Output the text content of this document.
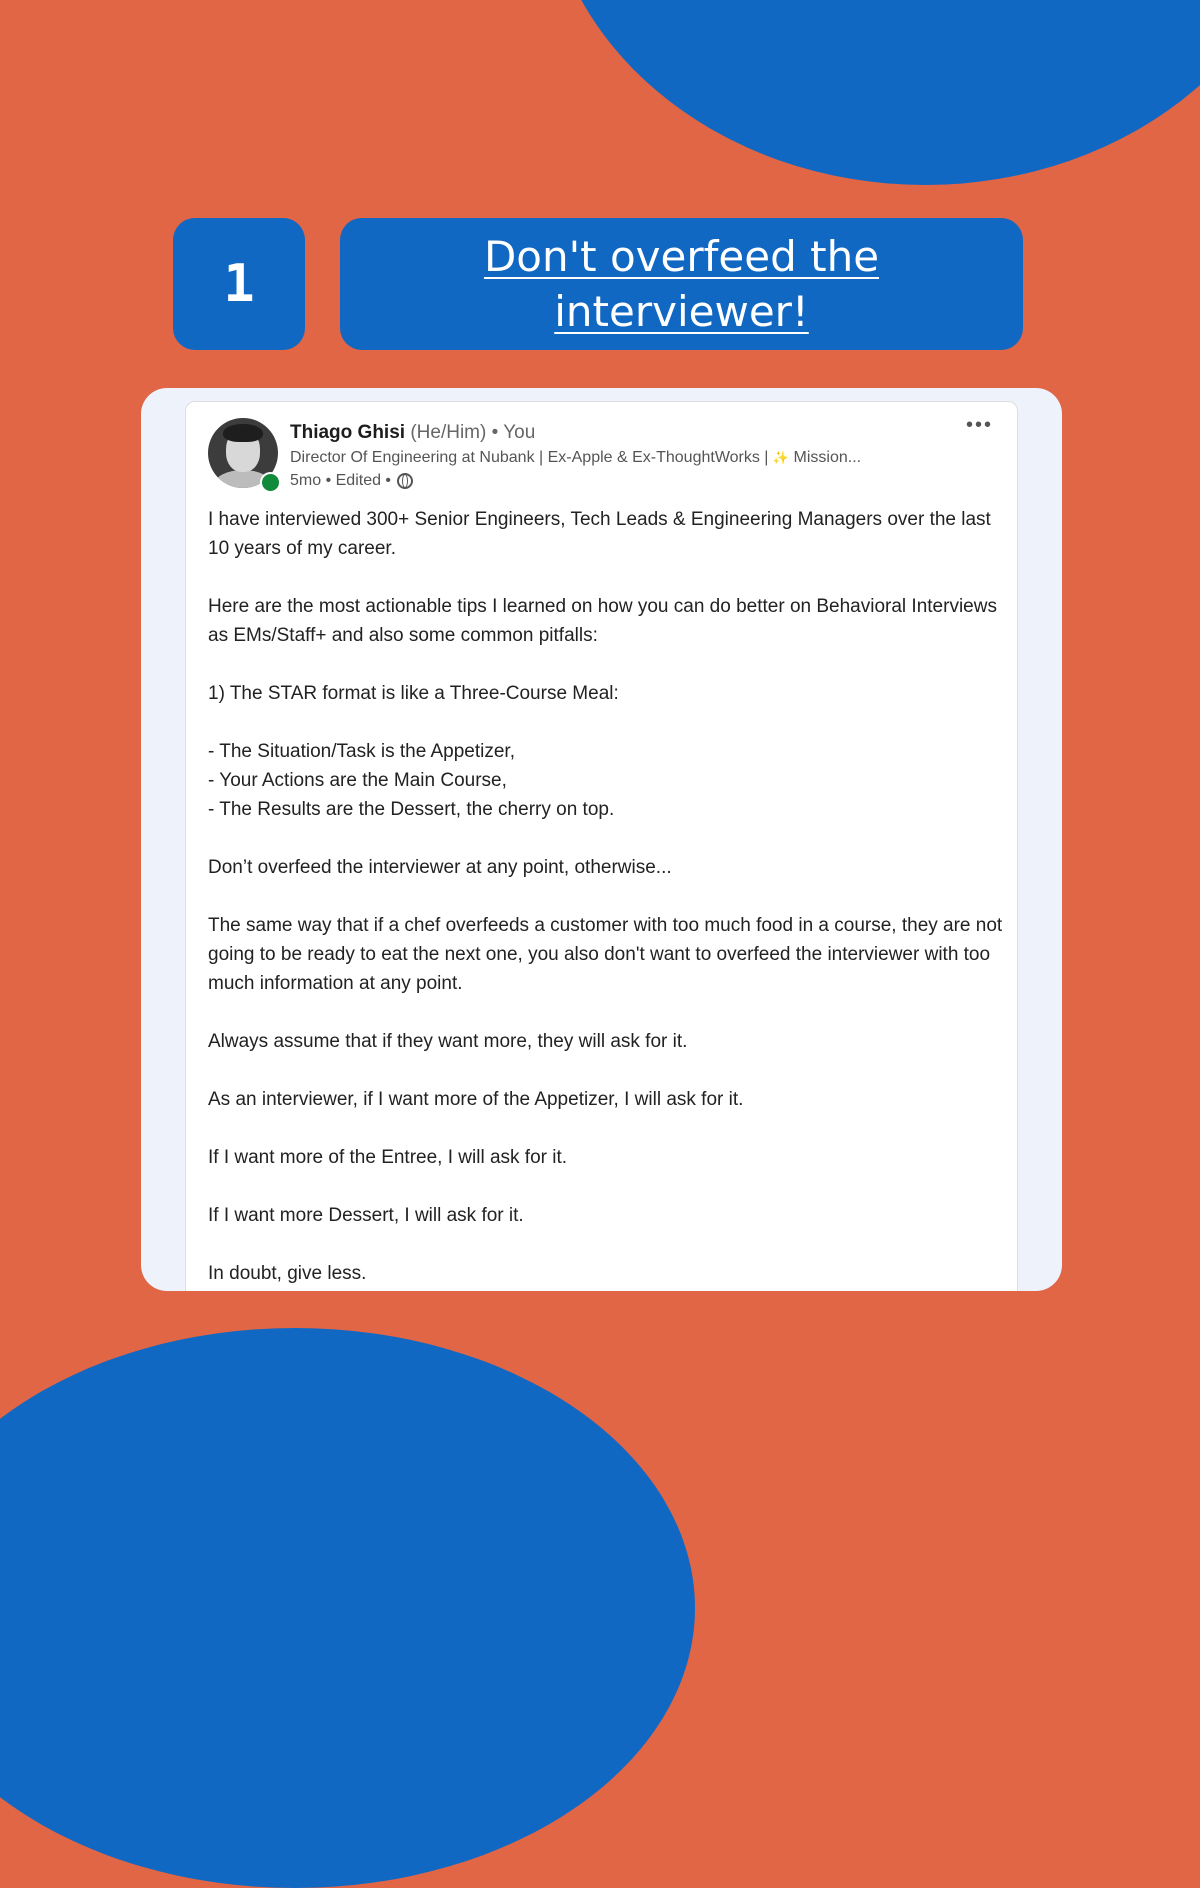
1	Don't overfeed the interviewer!
Thiago Ghisi (He/Him) • You
Director Of Engineering at Nubank | Ex-Apple & Ex-ThoughtWorks | ✨ Mission...
5mo • Edited •
•••

I have interviewed 300+ Senior Engineers, Tech Leads & Engineering Managers over the last 10 years of my career.

Here are the most actionable tips I learned on how you can do better on Behavioral Interviews as EMs/Staff+ and also some common pitfalls:

1) The STAR format is like a Three-Course Meal:

- The Situation/Task is the Appetizer,

- Your Actions are the Main Course,

- The Results are the Dessert, the cherry on top.

Don’t overfeed the interviewer at any point, otherwise...

The same way that if a chef overfeeds a customer with too much food in a course, they are not going to be ready to eat the next one, you also don't want to overfeed the interviewer with too much information at any point.

Always assume that if they want more, they will ask for it.

As an interviewer, if I want more of the Appetizer, I will ask for it.

If I want more of the Entree, I will ask for it.

If I want more Dessert, I will ask for it.

In doubt, give less.
